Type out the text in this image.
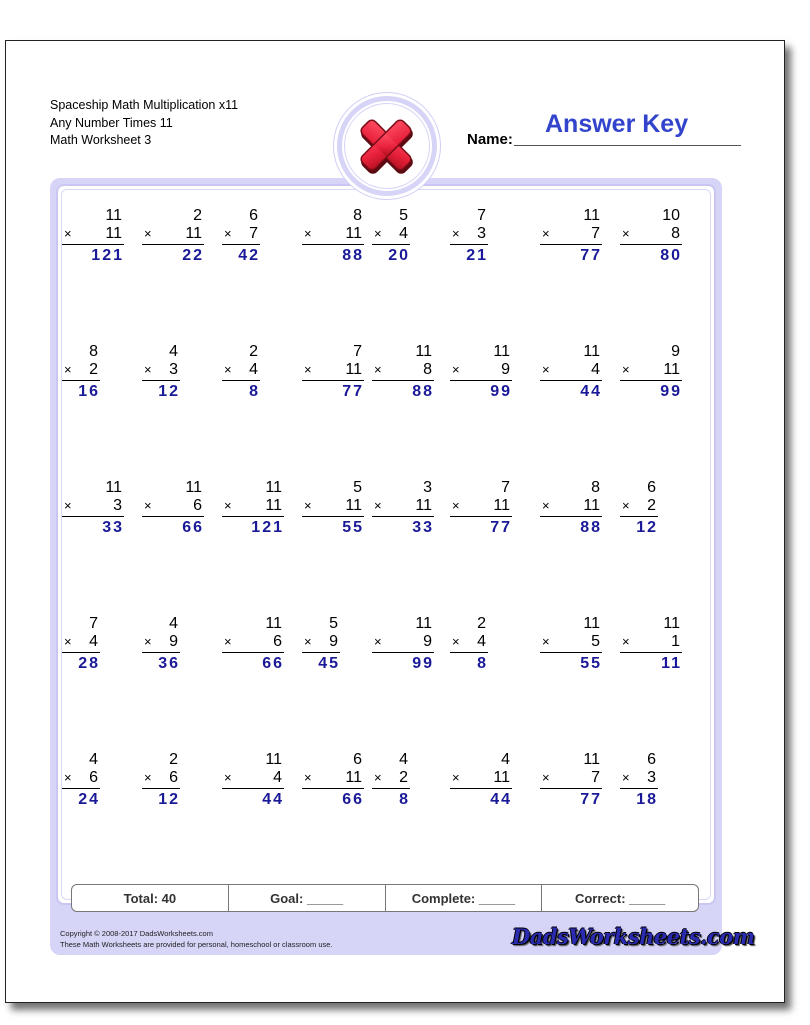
Spaceship Math Multiplication x11
Any Number Times 11
Math Worksheet 3	Name:
Answer Key
11
× 11
121
2
× 11
22
6
× 7
42
8
× 11
88
5
× 4
20
7
× 3
21
11
×	7
77
10
×	8
80
8
× 2
16
4
× 3
12
2
× 4
8
7
× 11
77
11
×	8
88
11
×	9
99
11
×	4
44
9
× 11
99
11
×	3
33
11
×	6
66
11
× 11
121
5
× 11
55
3
× 11
33
7
× 11
77
8
× 11
88
6
× 2
12
7
× 4
28
4
× 9
36
11
×	6
66
5
× 9
45
11
×	9
99
2
× 4
8
11
×	5
55
11
×	1
11
4
× 6
24
2
× 6
12
11
×	4
44
6
× 11
66
4
× 2
8
4
× 11
44
11
×	7
77
6
× 3
18
Total: 40	Goal: _____	Complete: _____	Correct: _____
Copyright © 2008-2017 DadsWorksheets.com
These Math Worksheets are provided for personal, homeschool or classroom use.	DadsWorksheets.com
